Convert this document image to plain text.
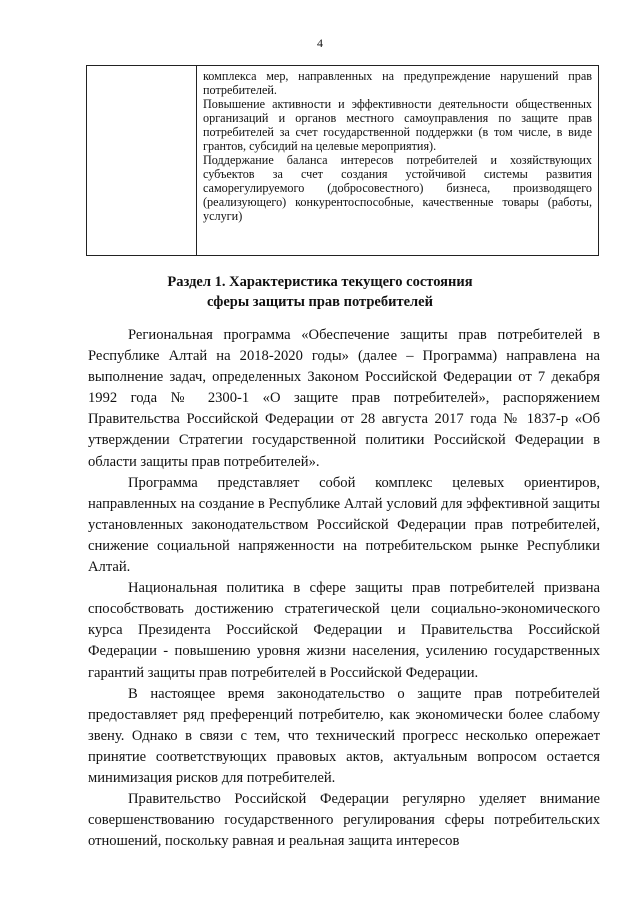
4

комплекса мер, направленных на предупреждение нарушений прав потребителей.

Повышение активности и эффективности деятельности общественных организаций и органов местного самоуправления по защите прав потребителей за счет государственной поддержки (в том числе, в виде грантов, субсидий на целевые мероприятия).

Поддержание баланса интересов потребителей и хозяйствующих субъектов за счет создания устойчивой системы развития саморегулируемого (добросовестного) бизнеса, производящего (реализующего) конкурентоспособные, качественные товары (работы, услуги)

Раздел 1. Характеристика текущего состояния
сферы защиты прав потребителей

Региональная программа «Обеспечение защиты прав потребителей в Республике Алтай на 2018-2020 годы» (далее – Программа) направлена на выполнение задач, определенных Законом Российской Федерации от 7 декабря 1992 года № 2300-1 «О защите прав потребителей», распоряжением Правительства Российской Федерации от 28 августа 2017 года № 1837-р «Об утверждении Стратегии государственной политики Российской Федерации в области защиты прав потребителей».

Программа представляет собой комплекс целевых ориентиров, направленных на создание в Республике Алтай условий для эффективной защиты установленных законодательством Российской Федерации прав потребителей, снижение социальной напряженности на потребительском рынке Республики Алтай.

Национальная политика в сфере защиты прав потребителей призвана способствовать достижению стратегической цели социально-экономического курса Президента Российской Федерации и Правительства Российской Федерации - повышению уровня жизни населения, усилению государственных гарантий защиты прав потребителей в Российской Федерации.

В настоящее время законодательство о защите прав потребителей предоставляет ряд преференций потребителю, как экономически более слабому звену. Однако в связи с тем, что технический прогресс несколько опережает принятие соответствующих правовых актов, актуальным вопросом остается минимизация рисков для потребителей.

Правительство Российской Федерации регулярно уделяет внимание совершенствованию государственного регулирования сферы потребительских отношений, поскольку равная и реальная защита интересов
